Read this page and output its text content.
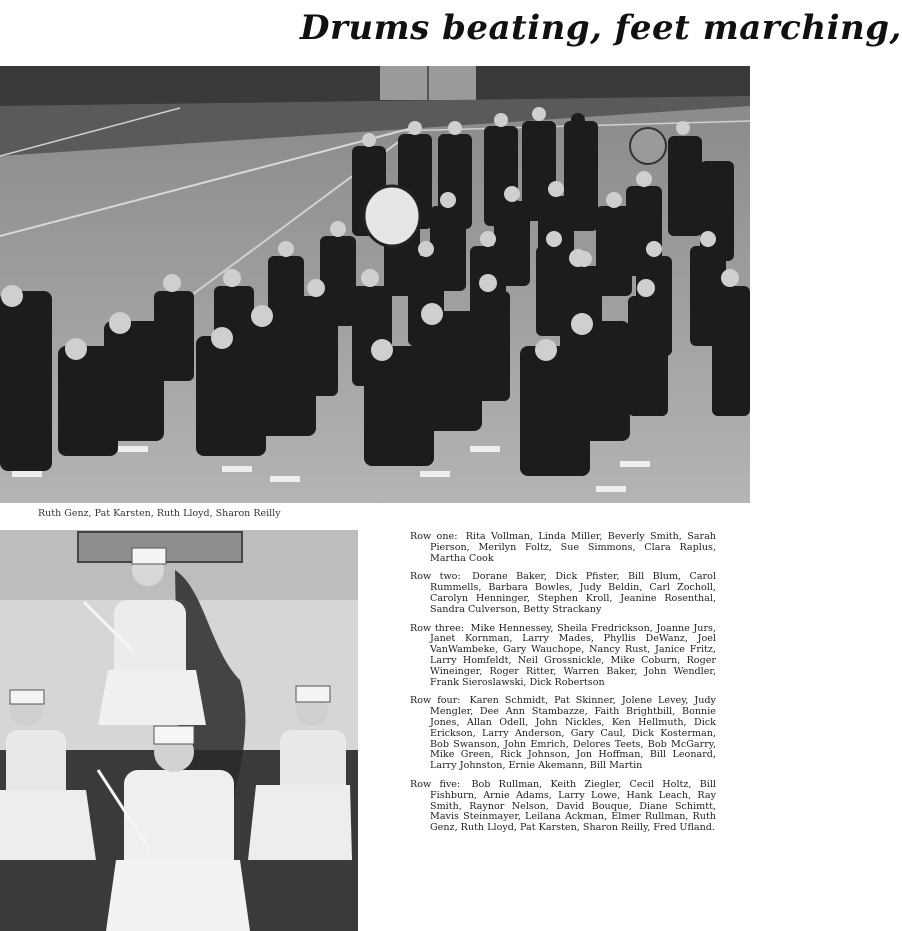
Drums beating, feet marching,
Ruth Genz, Pat Karsten, Ruth Lloyd, Sharon Reilly
Row one: Rita Vollman, Linda Miller, Beverly Smith, Sarah Pierson, Merilyn Foltz, Sue Simmons, Clara Raplus, Martha Cook
Row two: Dorane Baker, Dick Pfister, Bill Blum, Carol Rummells, Barbara Bowles, Judy Beldin, Carl Zocholl, Carolyn Henninger, Stephen Kroll, Jeanine Rosenthal, Sandra Culverson, Betty Strackany
Row three: Mike Hennessey, Sheila Fredrickson, Joanne Jurs, Janet Kornman, Larry Mades, Phyllis DeWanz, Joel VanWambeke, Gary Wauchope, Nancy Rust, Janice Fritz, Larry Homfeldt, Neil Grossnickle, Mike Coburn, Roger Wineinger, Roger Ritter, Warren Baker, John Wendler, Frank Sieroslawski, Dick Robertson
Row four: Karen Schmidt, Pat Skinner, Jolene Levey, Judy Mengler, Dee Ann Stambazze, Faith Brightbill, Bonnie Jones, Allan Odell, John Nickles, Ken Hellmuth, Dick Erickson, Larry Anderson, Gary Caul, Dick Kosterman, Bob Swanson, John Emrich, Delores Teets, Bob McGarry, Mike Green, Rick Johnson, Jon Hoffman, Bill Leonard, Larry Johnston, Ernie Akemann, Bill Martin
Row five: Bob Rullman, Keith Ziegler, Cecil Holtz, Bill Fishburn, Arnie Adams, Larry Lowe, Hank Leach, Ray Smith, Raynor Nelson, David Bouque, Diane Schimtt, Mavis Steinmayer, Leilana Ackman, Elmer Rullman, Ruth Genz, Ruth Lloyd, Pat Karsten, Sharon Reilly, Fred Ufland.
